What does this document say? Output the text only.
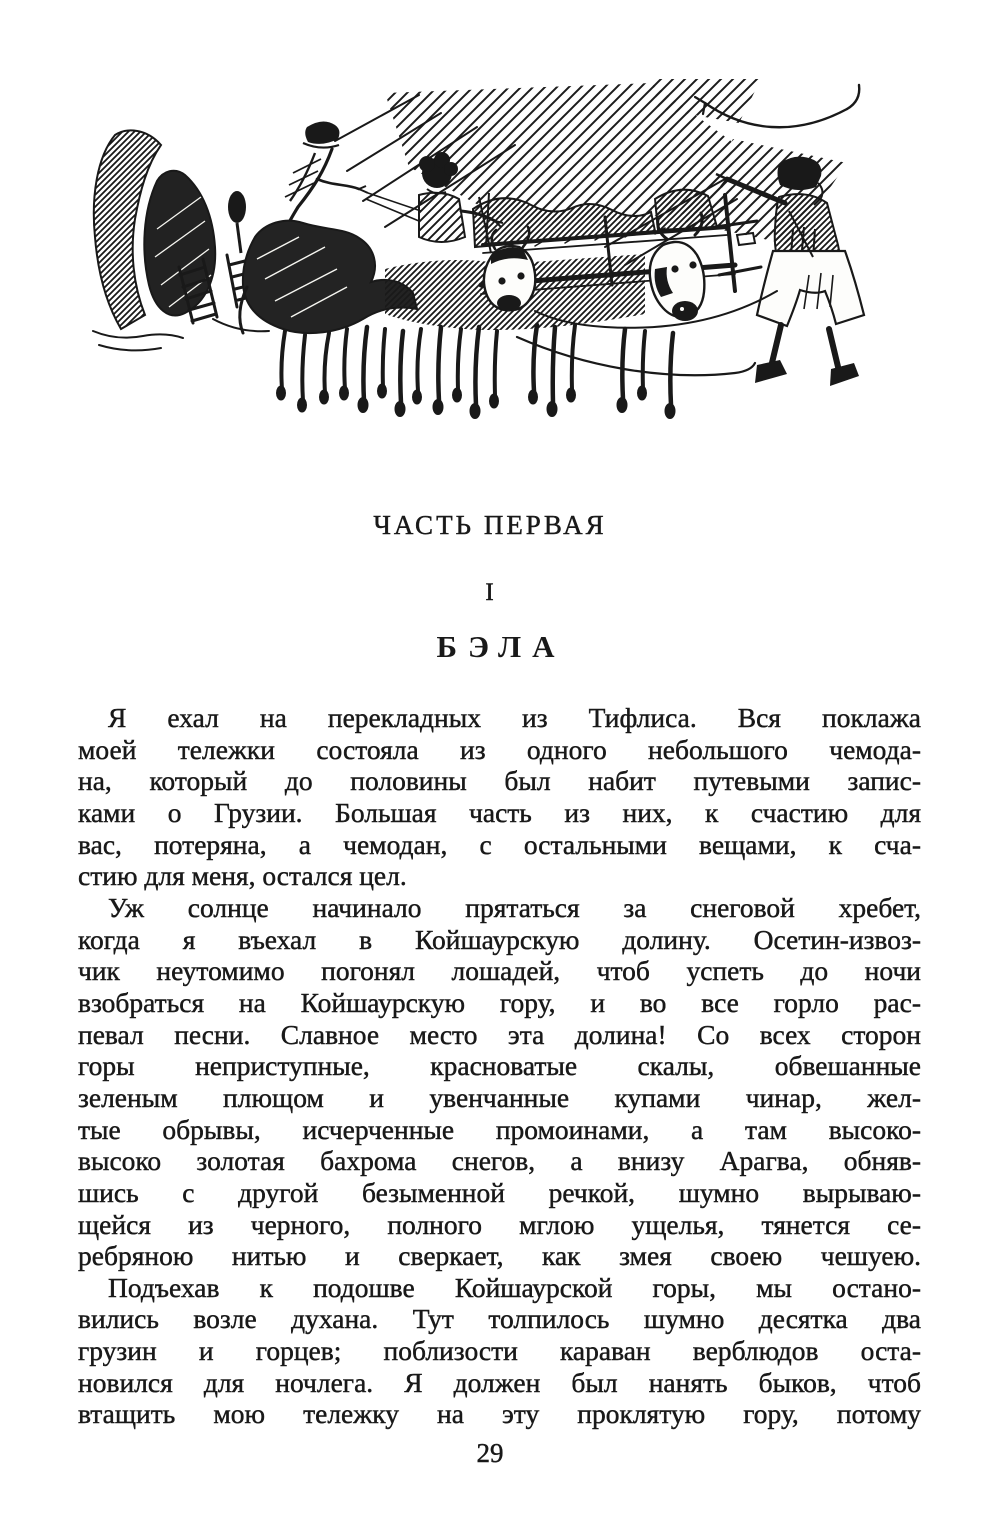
ЧАСТЬ ПЕРВАЯ
I
БЭЛА
Я ехал на перекладных из Тифлиса. Вся поклажа
моей тележки состояла из одного небольшого чемода-
на, который до половины был набит путевыми запис-
ками о Грузии. Большая часть из них, к счастию для
вас, потеряна, а чемодан, с остальными вещами, к сча-
стию для меня, остался цел.
Уж солнце начинало прятаться за снеговой хребет,
когда я въехал в Койшаурскую долину. Осетин-извоз-
чик неутомимо погонял лошадей, чтоб успеть до ночи
взобраться на Койшаурскую гору, и во все горло рас-
певал песни. Славное место эта долина! Со всех сторон
горы неприступные, красноватые скалы, обвешанные
зеленым плющом и увенчанные купами чинар, жел-
тые обрывы, исчерченные промоинами, а там высоко-
высоко золотая бахрома снегов, а внизу Арагва, обняв-
шись с другой безыменной речкой, шумно вырываю-
щейся из черного, полного мглою ущелья, тянется се-
ребряною нитью и сверкает, как змея своею чешуею.
Подъехав к подошве Койшаурской горы, мы остано-
вились возле духана. Тут толпилось шумно десятка два
грузин и горцев; поблизости караван верблюдов оста-
новился для ночлега. Я должен был нанять быков, чтоб
втащить мою тележку на эту проклятую гору, потому
29
